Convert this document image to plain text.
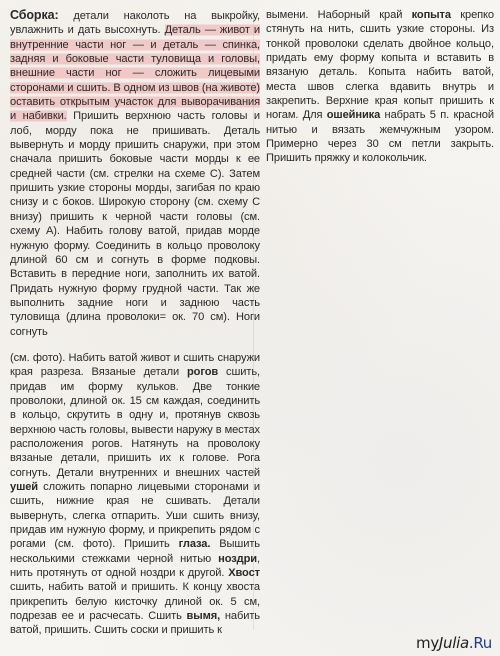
Сборка: детали наколоть на выкройку, увлажнить и дать высохнуть. Деталь — живот и внутренние части ног — и деталь — спинка, задняя и боковые части туловища и головы, внешние части ног — сложить лицевыми сторонами и сшить. В одном из швов (на животе) оставить открытым участок для выворачивания и набивки. Пришить верхнюю часть головы и лоб, морду пока не пришивать. Деталь вывернуть и морду пришить снаружи, при этом сначала пришить боковые части морды к ее средней части (см. стрелки на схеме С). Затем пришить узкие стороны морды, загибая по краю снизу и с боков. Широкую сторону (см. схему С внизу) пришить к черной части головы (см. схему А). Набить голову ватой, придав морде нужную форму. Соединить в кольцо проволоку длиной 60 см и согнуть в форме подковы. Вставить в передние ноги, заполнить их ватой. Придать нужную форму грудной части. Так же выполнить задние ноги и заднюю часть туловища (длина проволоки= ок. 70 см). Ноги согнуть

(см. фото). Набить ватой живот и сшить снаружи края разреза. Вязаные детали рогов сшить, придав им форму кульков. Две тонкие проволоки, длиной ок. 15 см каждая, соединить в кольцо, скрутить в одну и, протянув сквозь верхнюю часть головы, вывести наружу в местах расположения рогов. Натянуть на проволоку вязаные детали, пришить их к голове. Рога согнуть. Детали внутренних и внешних частей ушей сложить попарно лицевыми сторонами и сшить, нижние края не сшивать. Детали вывернуть, слегка отпарить. Уши сшить внизу, придав им нужную форму, и прикрепить рядом с рогами (см. фото). Пришить глаза. Вышить несколькими стежками черной нитью ноздри, нить протянуть от одной ноздри к другой. Хвост сшить, набить ватой и пришить. К концу хвоста прикрепить белую кисточку длиной ок. 5 см, подрезав ее и расчесать. Сшить вымя, набить ватой, пришить. Сшить соски и пришить к

вымени. Наборный край копыта крепко стянуть на нить, сшить узкие стороны. Из тонкой проволоки сделать двойное кольцо, придать ему форму копыта и вставить в вязаную деталь. Копыта набить ватой, места швов слегка вдавить внутрь и закрепить. Верхние края копыт пришить к ногам. Для ошейника набрать 5 п. красной нитью и вязать жемчужным узором. Примерно через 30 см петли закрыть. Пришить пряжку и колокольчик.

myJulia.Ru
